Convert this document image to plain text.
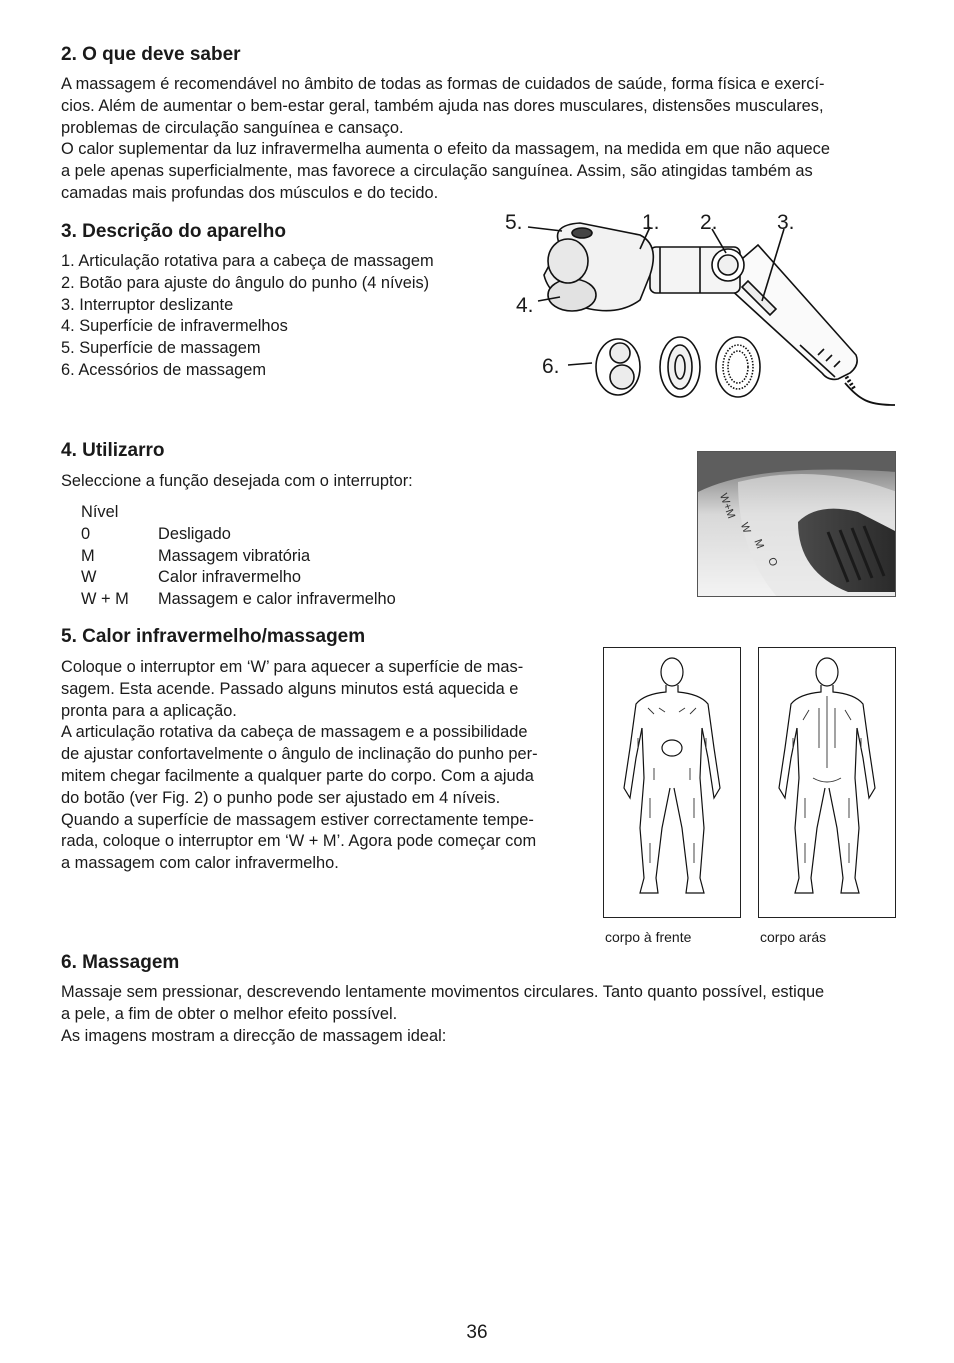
2. O que deve saber
A massagem é recomendável no âmbito de todas as formas de cuidados de saúde, forma física e exercí-
cios. Além de aumentar o bem-estar geral, também ajuda nas dores musculares, distensões musculares,
problemas de circulação sanguínea e cansaço.
O calor suplementar da luz infravermelha aumenta o efeito da massagem, na medida em que não aquece
a pele apenas superficialmente, mas favorece a circulação sanguínea. Assim, são atingidas também as
camadas mais profundas dos músculos e do tecido.
3. Descrição do aparelho
1. Articulação rotativa para a cabeça de massagem
2. Botão para ajuste do ângulo do punho (4 níveis)
3. Interruptor deslizante
4. Superfície de infravermelhos
5. Superfície de massagem
6. Acessórios de massagem
5.	1. 2.	3.
4.
6.
4. Utilizarro
Seleccione a função desejada com o interruptor:
Nível
0	Desligado
M	Massagem vibratória
W	Calor infravermelho
W + M	Massagem e calor infravermelho
W+M
W
M
O
5. Calor infravermelho/massagem
Coloque o interruptor em ‘W’ para aquecer a superfície de mas-
sagem. Esta acende. Passado alguns minutos está aquecida e
pronta para a aplicação.
A articulação rotativa da cabeça de massagem e a possibilidade
de ajustar confortavelmente o ângulo de inclinação do punho per-
mitem chegar facilmente a qualquer parte do corpo. Com a ajuda
do botão (ver Fig. 2) o punho pode ser ajustado em 4 níveis.
Quando a superfície de massagem estiver correctamente tempe-
rada, coloque o interruptor em ‘W + M’. Agora pode começar com
a massagem com calor infravermelho.
corpo à frente	corpo arás
6. Massagem
Massaje sem pressionar, descrevendo lentamente movimentos circulares. Tanto quanto possível, estique
a pele, a fim de obter o melhor efeito possível.
As imagens mostram a direcção de massagem ideal:
36
